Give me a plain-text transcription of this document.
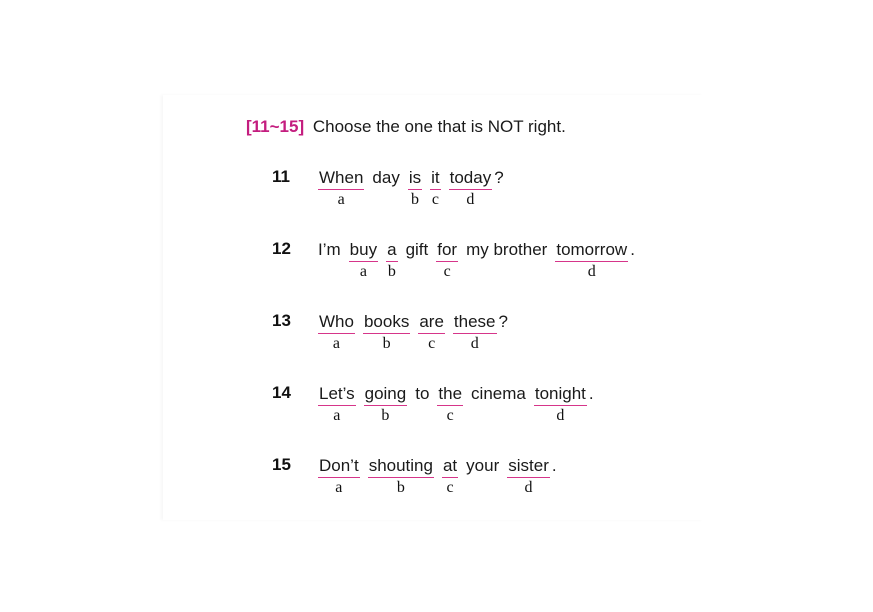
[11~15] Choose the one that is NOT right.
11 When
a
day is
b
it
c
today
d
?
12 I’m buy
a
a
b
gift for
c
my brother tomorrow
d
.
13 Who
a
books
b
are
c
these
d
?
14 Let’s
a
going
b
to the
c
cinema tonight
d
.
15 Don’t
a
shouting
b
at
c
your sister
d
.
